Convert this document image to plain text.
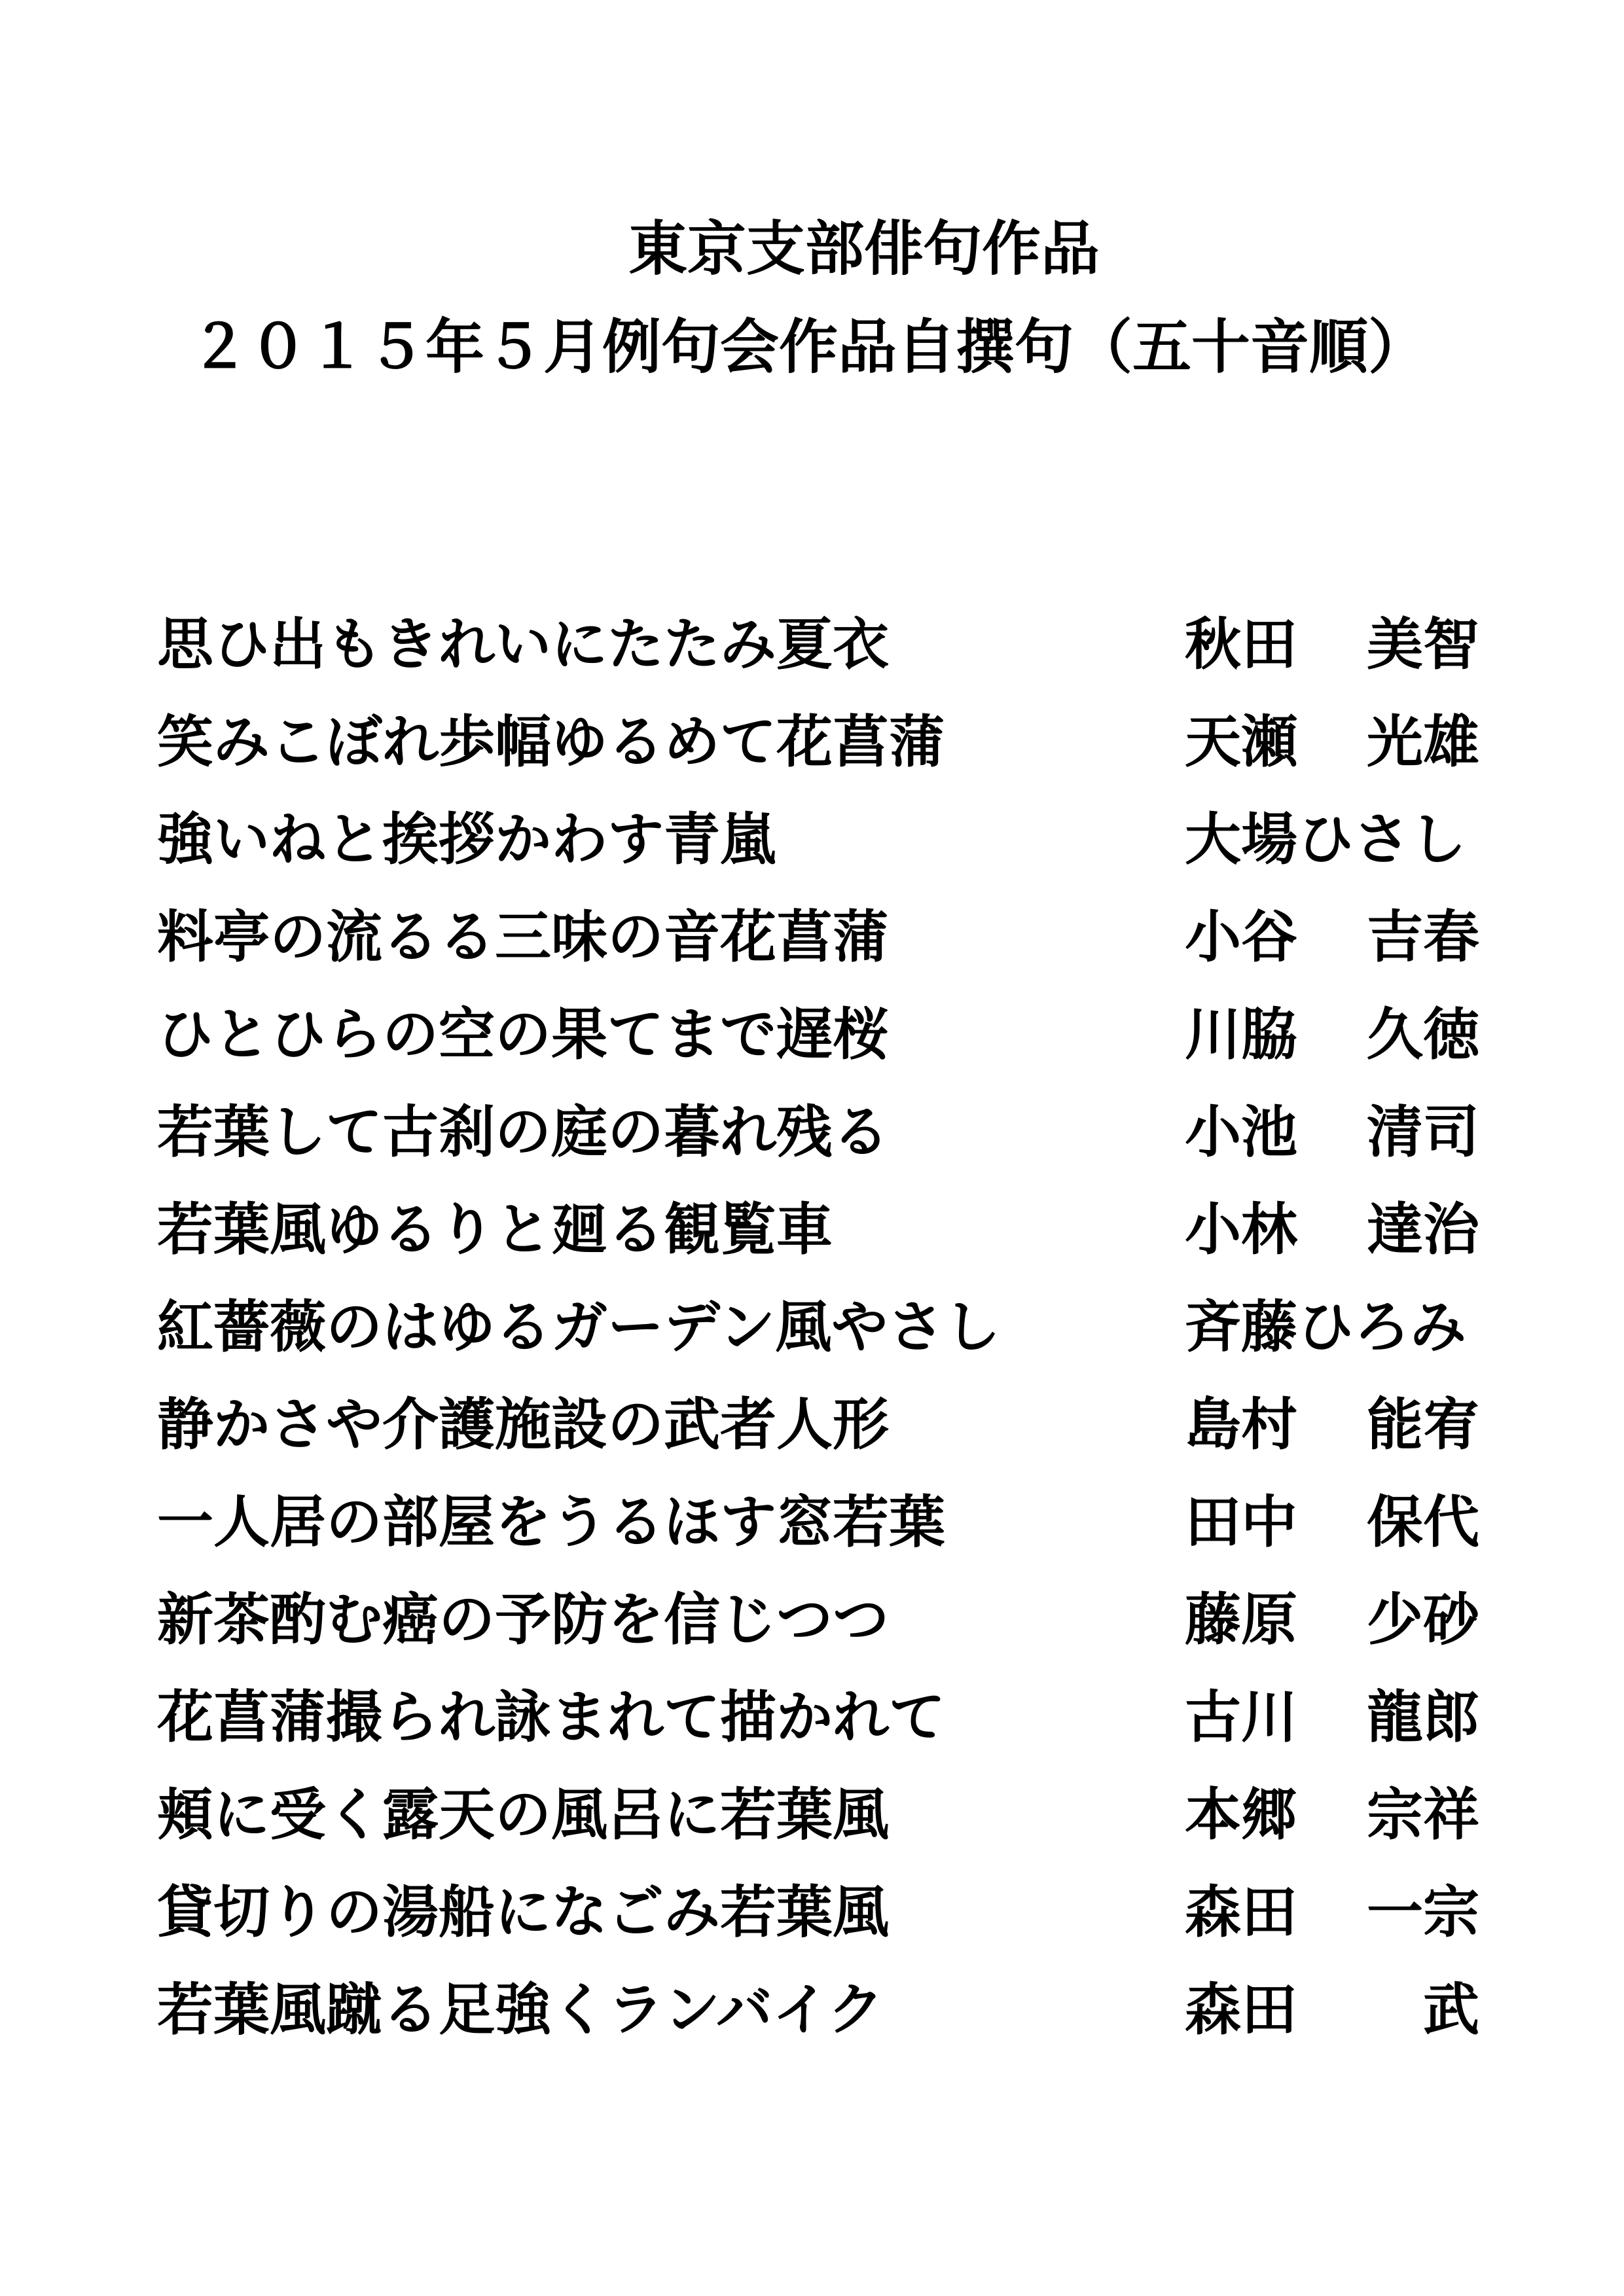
東京支部俳句作品
２０１５年５月例句会作品自撰句（五十音順）
思ひ出もきれいにたたみ夏衣	秋田 美智
笑みこぼれ歩幅ゆるめて花菖蒲	天瀬 光雄
強いねと挨拶かわす青嵐	大場ひさし
料亭の流るる三味の音花菖蒲	小谷 吉春
ひとひらの空の果てまで遅桜	川脇 久徳
若葉して古刹の庭の暮れ残る	小池 清司
若葉風ゆるりと廻る観覧車	小林 達治
紅薔薇のはゆるガーデン風やさし	斉藤ひろみ
静かさや介護施設の武者人形	島村 能宥
一人居の部屋をうるほす窓若葉	田中 保代
新茶酌む癌の予防を信じつつ	藤原 少砂
花菖蒲撮られ詠まれて描かれて	古川 龍郎
頬に受く露天の風呂に若葉風	本郷 宗祥
貸切りの湯船になごみ若葉風	森田 一宗
若葉風蹴る足強くランバイク	森田 武
